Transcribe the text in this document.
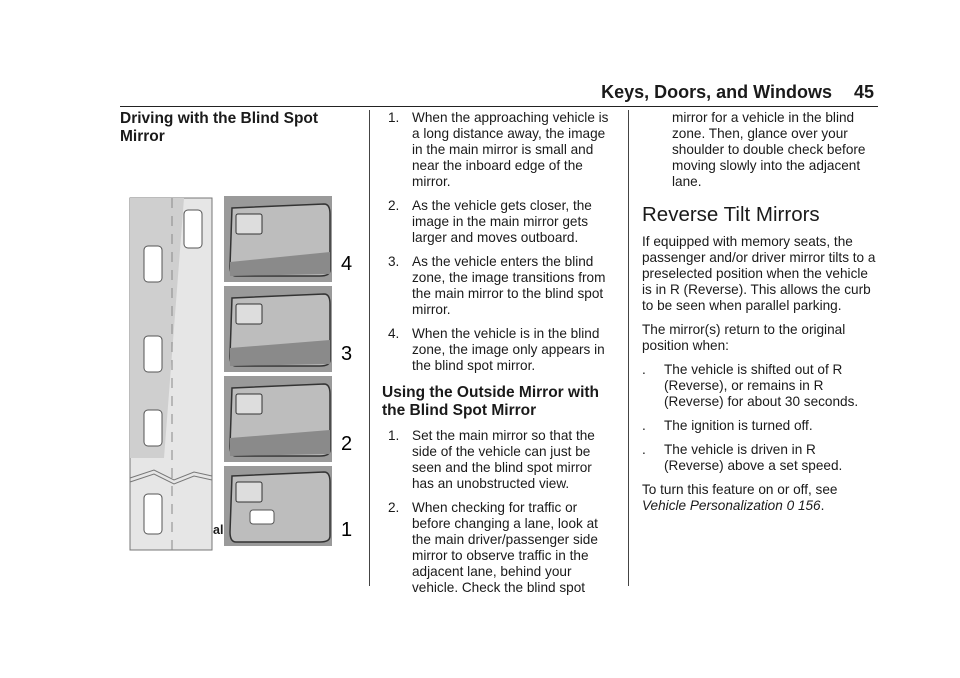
Keys, Doors, and Windows 45
Driving with the Blind Spot Mirror
4
3
2
1
1. When the approaching vehicle is a long distance away, the image in the main mirror is small and near the inboard edge of the mirror.
2. As the vehicle gets closer, the image in the main mirror gets larger and moves outboard.
3. As the vehicle enters the blind zone, the image transitions from the main mirror to the blind spot mirror.
4. When the vehicle is in the blind zone, the image only appears in the blind spot mirror.
Using the Outside Mirror with the Blind Spot Mirror
1. Set the main mirror so that the side of the vehicle can just be seen and the blind spot mirror has an unobstructed view.
2. When checking for traffic or before changing a lane, look at the main driver/passenger side mirror to observe traffic in the adjacent lane, behind your vehicle. Check the blind spot

mirror for a vehicle in the blind zone. Then, glance over your shoulder to double check before moving slowly into the adjacent lane.

Reverse Tilt Mirrors

If equipped with memory seats, the passenger and/or driver mirror tilts to a preselected position when the vehicle is in R (Reverse). This allows the curb to be seen when parallel parking.

The mirror(s) return to the original position when:

. The vehicle is shifted out of R (Reverse), or remains in R (Reverse) for about 30 seconds.
. The ignition is turned off.
. The vehicle is driven in R (Reverse) above a set speed.

To turn this feature on or off, see
Vehicle Personalization 0 156.
